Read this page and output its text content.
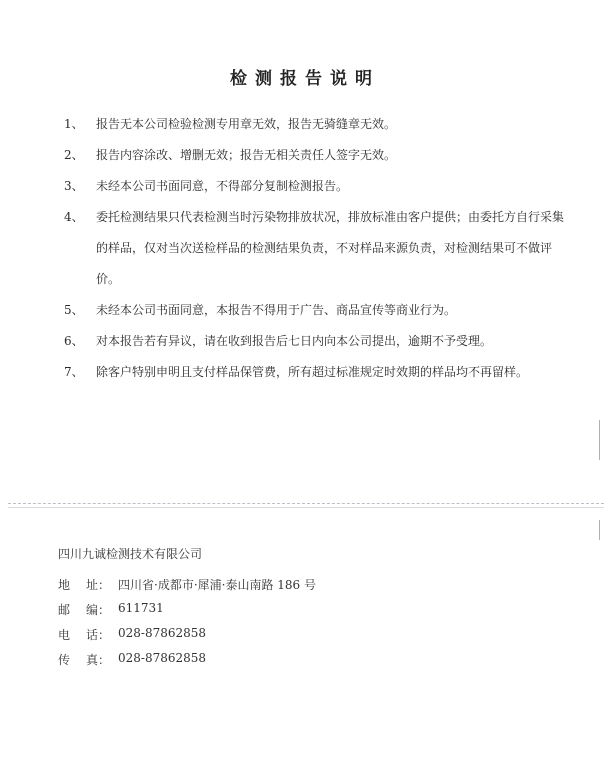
检测报告说明
1、	报告无本公司检验检测专用章无效，报告无骑缝章无效。
2、	报告内容涂改、增删无效；报告无相关责任人签字无效。
3、	未经本公司书面同意，不得部分复制检测报告。
4、	委托检测结果只代表检测当时污染物排放状况，排放标准由客户提供；由委托方自行采集的样品，仅对当次送检样品的检测结果负责，不对样品来源负责，对检测结果可不做评价。
5、	未经本公司书面同意，本报告不得用于广告、商品宣传等商业行为。
6、	对本报告若有异议，请在收到报告后七日内向本公司提出，逾期不予受理。
7、	除客户特别申明且支付样品保管费，所有超过标准规定时效期的样品均不再留样。
四川九诚检测技术有限公司
地	址： 四川省·成都市·犀浦·泰山南路 186 号
邮	编： 611731
电	话： 028-87862858
传	真： 028-87862858
